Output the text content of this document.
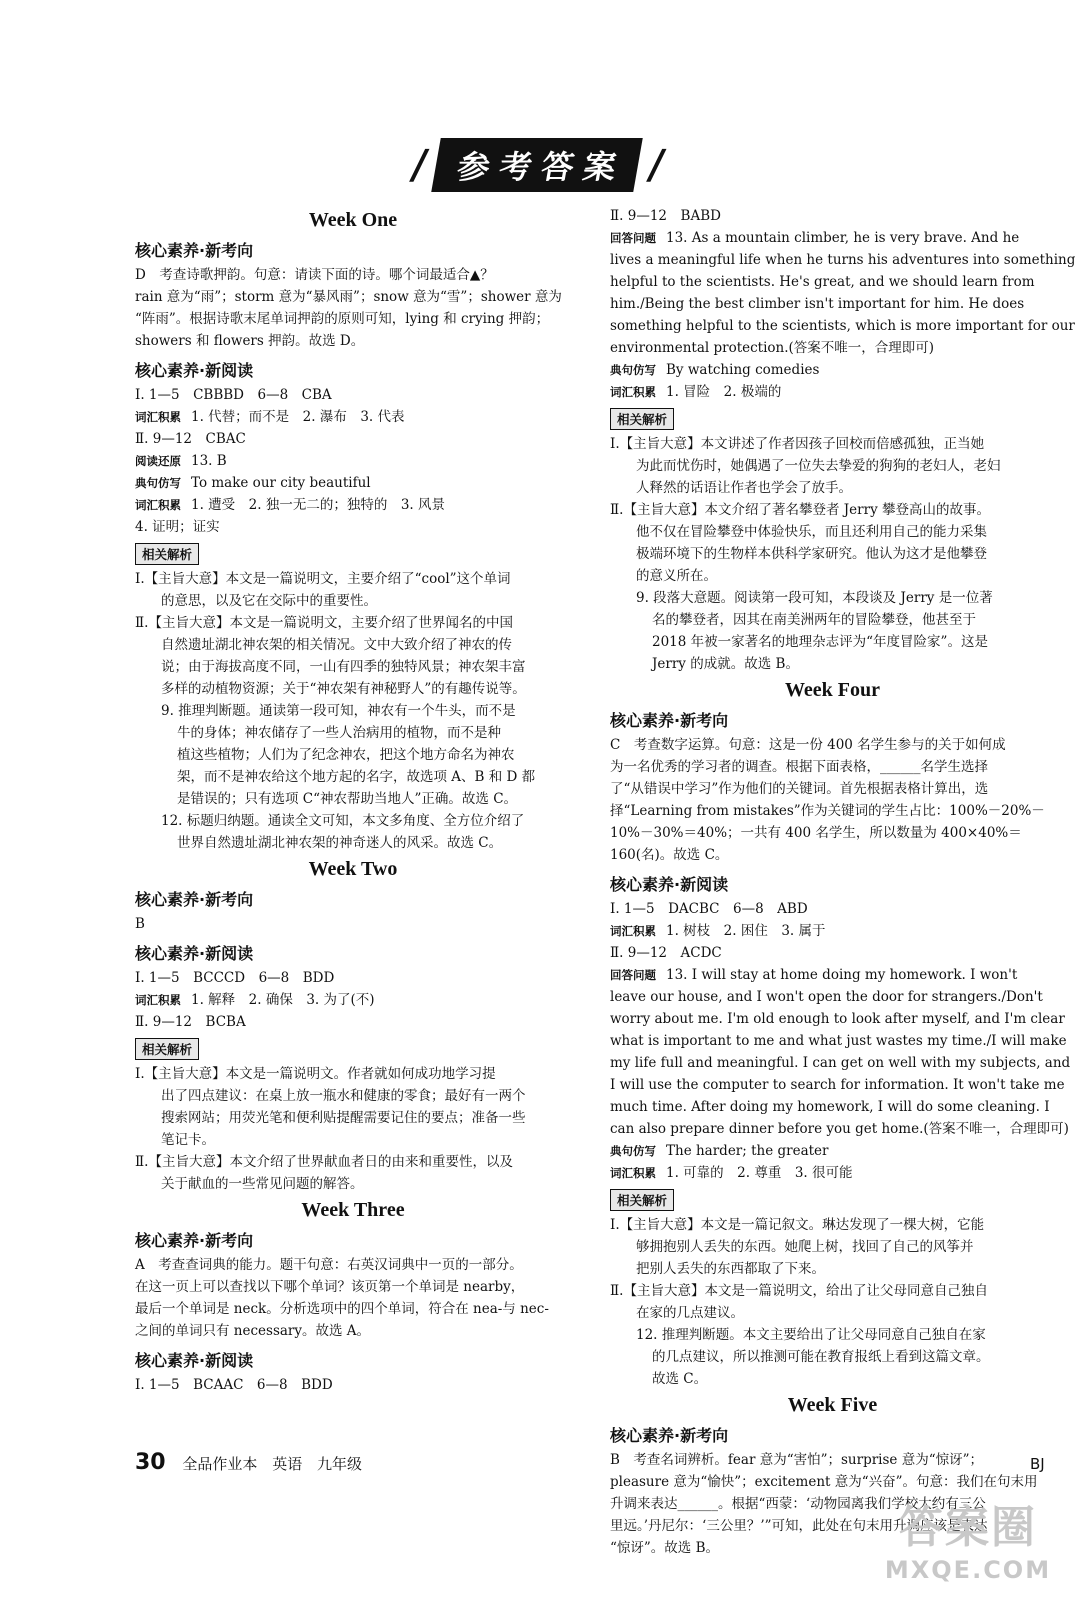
/ 参考答案 /
Week One
核心素养·新考向

D　考查诗歌押韵。句意：请读下面的诗。哪个词最适合▲？

rain 意为“雨”；storm 意为“暴风雨”；snow 意为“雪”；shower 意为

“阵雨”。根据诗歌末尾单词押韵的原则可知，lying 和 crying 押韵；

showers 和 flowers 押韵。故选 D。

核心素养·新阅读

Ⅰ. 1—5　CBBBD　6—8　CBA

词汇积累 1. 代替；而不是　2. 瀑布　3. 代表

Ⅱ. 9—12　CBAC

阅读还原 13. B

典句仿写 To make our city beautiful

词汇积累 1. 遭受　2. 独一无二的；独特的　3. 风景

4. 证明；证实

相关解析

Ⅰ.【主旨大意】本文是一篇说明文，主要介绍了“cool”这个单词

的意思，以及它在交际中的重要性。

Ⅱ.【主旨大意】本文是一篇说明文，主要介绍了世界闻名的中国

自然遗址湖北神农架的相关情况。文中大致介绍了神农的传

说；由于海拔高度不同，一山有四季的独特风景；神农架丰富

多样的动植物资源；关于“神农架有神秘野人”的有趣传说等。

9. 推理判断题。通读第一段可知，神农有一个牛头，而不是

牛的身体；神农储存了一些人治病用的植物，而不是种

植这些植物；人们为了纪念神农，把这个地方命名为神农

架，而不是神农给这个地方起的名字，故选项 A、B 和 D 都

是错误的；只有选项 C“神农帮助当地人”正确。故选 C。

12. 标题归纳题。通读全文可知，本文多角度、全方位介绍了

世界自然遗址湖北神农架的神奇迷人的风采。故选 C。

Week Two
核心素养·新考向

B

核心素养·新阅读

Ⅰ. 1—5　BCCCD　6—8　BDD

词汇积累 1. 解释　2. 确保　3. 为了(不)

Ⅱ. 9—12　BCBA

相关解析

Ⅰ.【主旨大意】本文是一篇说明文。作者就如何成功地学习提

出了四点建议：在桌上放一瓶水和健康的零食；最好有一两个

搜索网站；用荧光笔和便利贴提醒需要记住的要点；准备一些

笔记卡。

Ⅱ.【主旨大意】本文介绍了世界献血者日的由来和重要性，以及

关于献血的一些常见问题的解答。

Week Three
核心素养·新考向

A　考查查词典的能力。题干句意：右英汉词典中一页的一部分。

在这一页上可以查找以下哪个单词？该页第一个单词是 nearby，

最后一个单词是 neck。分析选项中的四个单词，符合在 nea-与 nec-

之间的单词只有 necessary。故选 A。

核心素养·新阅读

Ⅰ. 1—5　BCAAC　6—8　BDD

Ⅱ. 9—12　BABD

回答问题 13. As a mountain climber, he is very brave. And he

lives a meaningful life when he turns his adventures into something

helpful to the scientists. He's great, and we should learn from

him./Being the best climber isn't important for him. He does

something helpful to the scientists, which is more important for our

environmental protection.(答案不唯一，合理即可)

典句仿写 By watching comedies

词汇积累 1. 冒险　2. 极端的

相关解析

Ⅰ.【主旨大意】本文讲述了作者因孩子回校而倍感孤独，正当她

为此而忧伤时，她偶遇了一位失去挚爱的狗狗的老妇人，老妇

人释然的话语让作者也学会了放手。

Ⅱ.【主旨大意】本文介绍了著名攀登者 Jerry 攀登高山的故事。

他不仅在冒险攀登中体验快乐，而且还利用自己的能力采集

极端环境下的生物样本供科学家研究。他认为这才是他攀登

的意义所在。

9. 段落大意题。阅读第一段可知，本段谈及 Jerry 是一位著

名的攀登者，因其在南美洲两年的冒险攀登，他甚至于

2018 年被一家著名的地理杂志评为“年度冒险家”。这是

Jerry 的成就。故选 B。

Week Four
核心素养·新考向

C　考查数字运算。句意：这是一份 400 名学生参与的关于如何成

为一名优秀的学习者的调查。根据下面表格，______名学生选择

了“从错误中学习”作为他们的关键词。首先根据表格计算出，选

择“Learning from mistakes”作为关键词的学生占比：100%－20%－

10%－30%＝40%；一共有 400 名学生，所以数量为 400×40%＝

160(名)。故选 C。

核心素养·新阅读

Ⅰ. 1—5　DACBC　6—8　ABD

词汇积累 1. 树枝　2. 困住　3. 属于

Ⅱ. 9—12　ACDC

回答问题 13. I will stay at home doing my homework. I won't

leave our house, and I won't open the door for strangers./Don't

worry about me. I'm old enough to look after myself, and I'm clear

what is important to me and what just wastes my time./I will make

my life full and meaningful. I can get on well with my subjects, and

I will use the computer to search for information. It won't take me

much time. After doing my homework, I will do some cleaning. I

can also prepare dinner before you get home.(答案不唯一，合理即可)

典句仿写 The harder; the greater

词汇积累 1. 可靠的　2. 尊重　3. 很可能

相关解析

Ⅰ.【主旨大意】本文是一篇记叙文。琳达发现了一棵大树，它能

够拥抱别人丢失的东西。她爬上树，找回了自己的风筝并

把别人丢失的东西都取了下来。

Ⅱ.【主旨大意】本文是一篇说明文，给出了让父母同意自己独自

在家的几点建议。

12. 推理判断题。本文主要给出了让父母同意自己独自在家

的几点建议，所以推测可能在教育报纸上看到这篇文章。

故选 C。

Week Five
核心素养·新考向

B　考查名词辨析。fear 意为“害怕”；surprise 意为“惊讶”；

pleasure 意为“愉快”；excitement 意为“兴奋”。句意：我们在句末用

升调来表达______。根据“西蒙：‘动物园离我们学校大约有三公

里远。’丹尼尔：‘三公里？’”可知，此处在句末用升调应该是表达

“惊讶”。故选 B。

30 全品作业本 英语 九年级	BJ
答案圈
MXQE.COM
